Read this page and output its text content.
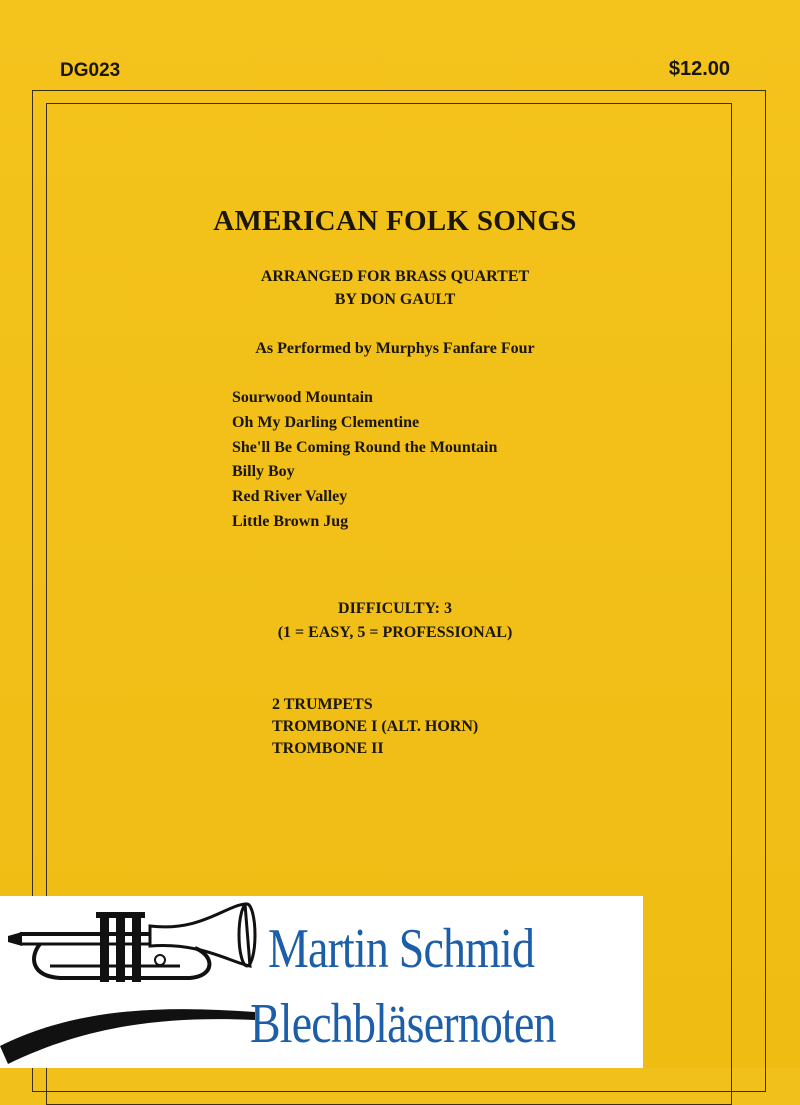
DG023	$12.00
AMERICAN FOLK SONGS
ARRANGED FOR BRASS QUARTET
BY DON GAULT
As Performed by Murphys Fanfare Four
Sourwood Mountain
Oh My Darling Clementine
She'll Be Coming Round the Mountain
Billy Boy
Red River Valley
Little Brown Jug
DIFFICULTY: 3
(1 = EASY, 5 = PROFESSIONAL)
2 TRUMPETS
TROMBONE I (ALT. HORN)
TROMBONE II
Martin Schmid
Blechbläsernoten
